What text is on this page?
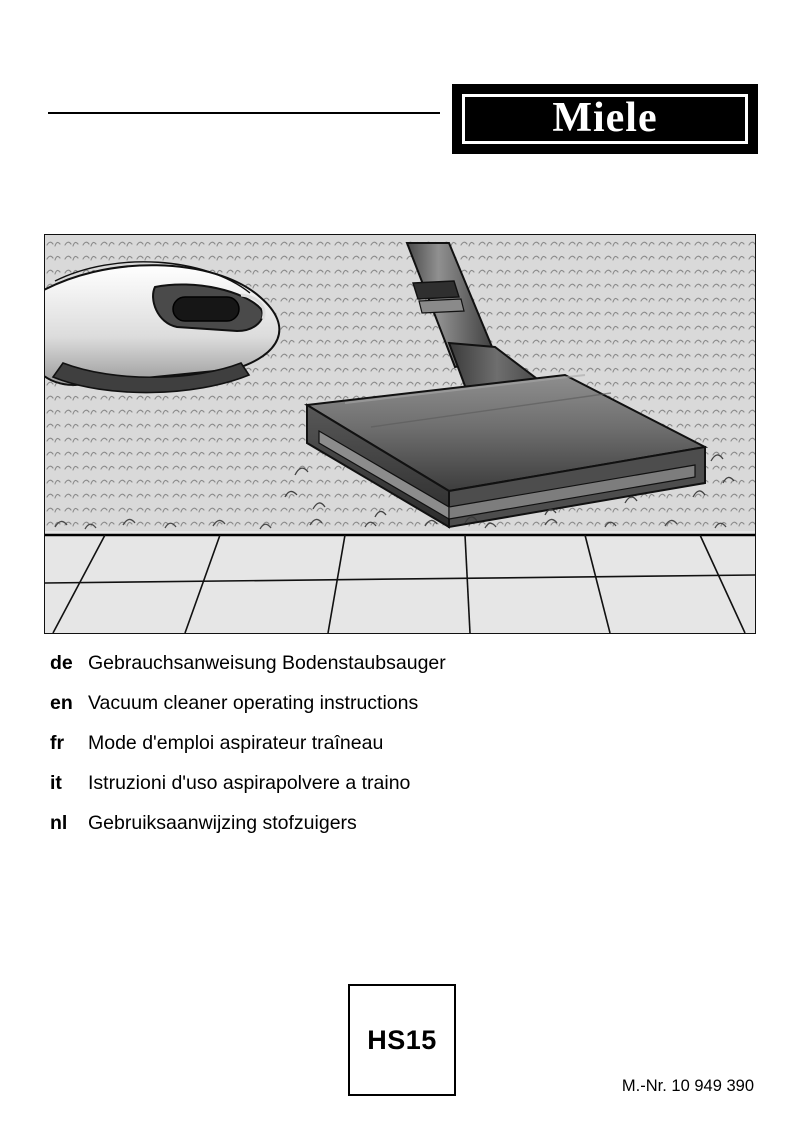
Miele
de Gebrauchsanweisung Bodenstaubsauger
en Vacuum cleaner operating instructions
fr	Mode d'emploi aspirateur traîneau
it	Istruzioni d'uso aspirapolvere a traino
nl	Gebruiksaanwijzing stofzuigers
HS15
M.-Nr. 10 949 390
